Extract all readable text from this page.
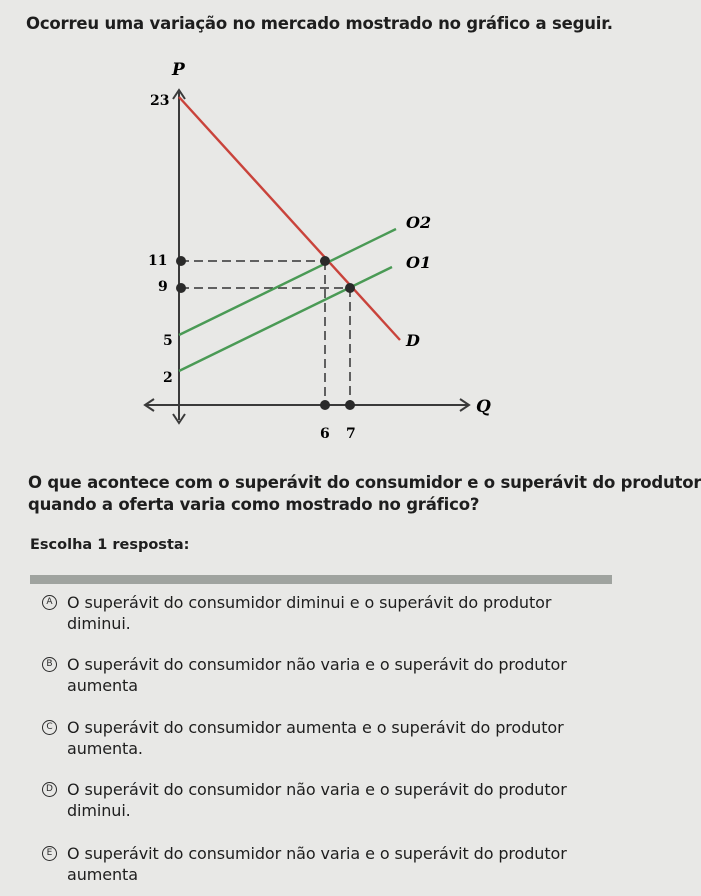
Ocorreu uma variação no mercado mostrado no gráfico a seguir.
P
Q
23
11
9
5
2
6 7
O2
O1
D
O que acontece com o superávit do consumidor e o superávit do produtor
quando a oferta varia como mostrado no gráfico?
Escolha 1 resposta:
A O superávit do consumidor diminui e o superávit do produtor
diminui.
B O superávit do consumidor não varia e o superávit do produtor
aumenta
C O superávit do consumidor aumenta e o superávit do produtor
aumenta.
D O superávit do consumidor não varia e o superávit do produtor
diminui.
E O superávit do consumidor não varia e o superávit do produtor
aumenta
